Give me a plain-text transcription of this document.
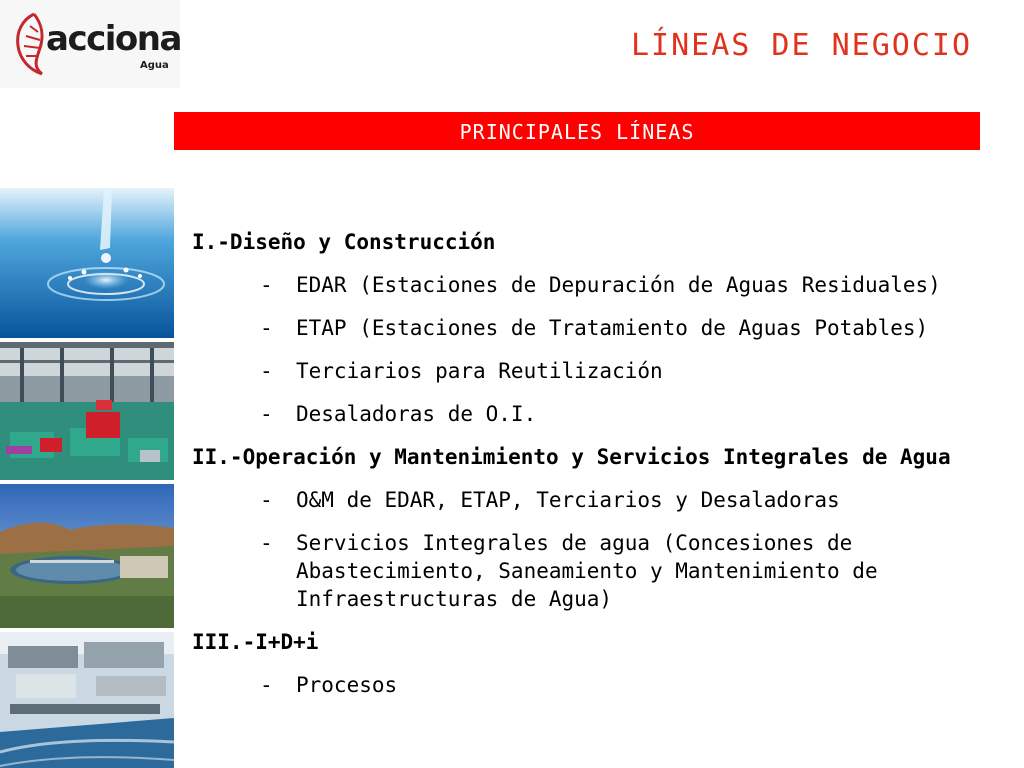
acciona
Agua
LÍNEAS DE NEGOCIO
PRINCIPALES LÍNEAS

I.-Diseño y Construcción
-	EDAR (Estaciones de Depuración de Aguas Residuales)
-	ETAP (Estaciones de Tratamiento de Aguas Potables)
-	Terciarios para Reutilización
-	Desaladoras de O.I.
II.-Operación y Mantenimiento y Servicios Integrales de Agua
-	O&M de EDAR, ETAP, Terciarios y Desaladoras
-	Servicios Integrales de agua (Concesiones de Abastecimiento, Saneamiento y Mantenimiento de Infraestructuras de Agua)
III.-I+D+i
-	Procesos
